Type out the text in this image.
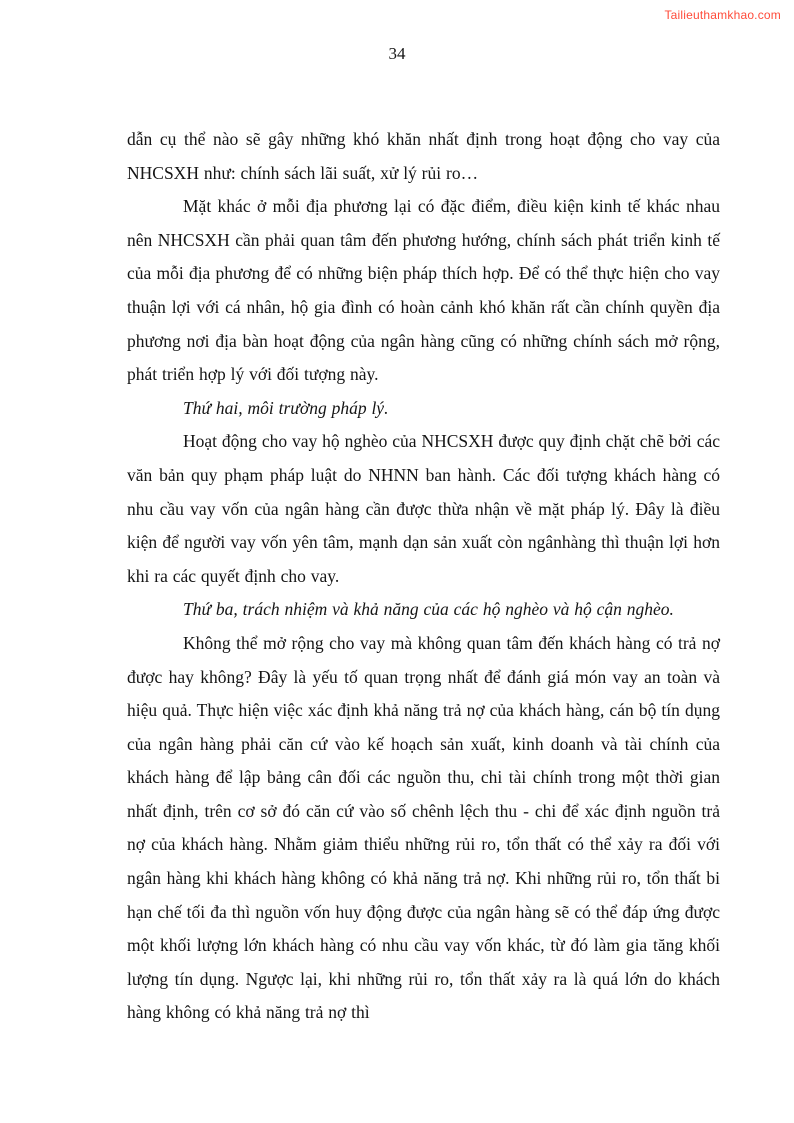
Tailieuthamkhao.com
34

dẫn cụ thể nào sẽ gây những khó khăn nhất định trong hoạt động cho vay của NHCSXH như: chính sách lãi suất, xử lý rủi ro…

Mặt khác ở mỗi địa phương lại có đặc điểm, điều kiện kinh tế khác nhau nên NHCSXH cần phải quan tâm đến phương hướng, chính sách phát triển kinh tế của mỗi địa phương để có những biện pháp thích hợp. Để có thể thực hiện cho vay thuận lợi với cá nhân, hộ gia đình có hoàn cảnh khó khăn rất cần chính quyền địa phương nơi địa bàn hoạt động của ngân hàng cũng có những chính sách mở rộng, phát triển hợp lý với đối tượng này.

Thứ hai, môi trường pháp lý.

Hoạt động cho vay hộ nghèo của NHCSXH được quy định chặt chẽ bởi các văn bản quy phạm pháp luật do NHNN ban hành. Các đối tượng khách hàng có nhu cầu vay vốn của ngân hàng cần được thừa nhận về mặt pháp lý. Đây là điều kiện để người vay vốn yên tâm, mạnh dạn sản xuất còn ngânhàng thì thuận lợi hơn khi ra các quyết định cho vay.

Thứ ba, trách nhiệm và khả năng của các hộ nghèo và hộ cận nghèo.

Không thể mở rộng cho vay mà không quan tâm đến khách hàng có trả nợ được hay không? Đây là yếu tố quan trọng nhất để đánh giá món vay an toàn và hiệu quả. Thực hiện việc xác định khả năng trả nợ của khách hàng, cán bộ tín dụng của ngân hàng phải căn cứ vào kế hoạch sản xuất, kinh doanh và tài chính của khách hàng để lập bảng cân đối các nguồn thu, chi tài chính trong một thời gian nhất định, trên cơ sở đó căn cứ vào số chênh lệch thu - chi để xác định nguồn trả nợ của khách hàng. Nhằm giảm thiểu những rủi ro, tổn thất có thể xảy ra đối với ngân hàng khi khách hàng không có khả năng trả nợ. Khi những rủi ro, tổn thất bi hạn chế tối đa thì nguồn vốn huy động được của ngân hàng sẽ có thể đáp ứng được một khối lượng lớn khách hàng có nhu cầu vay vốn khác, từ đó làm gia tăng khối lượng tín dụng. Ngược lại, khi những rủi ro, tổn thất xảy ra là quá lớn do khách hàng không có khả năng trả nợ thì
